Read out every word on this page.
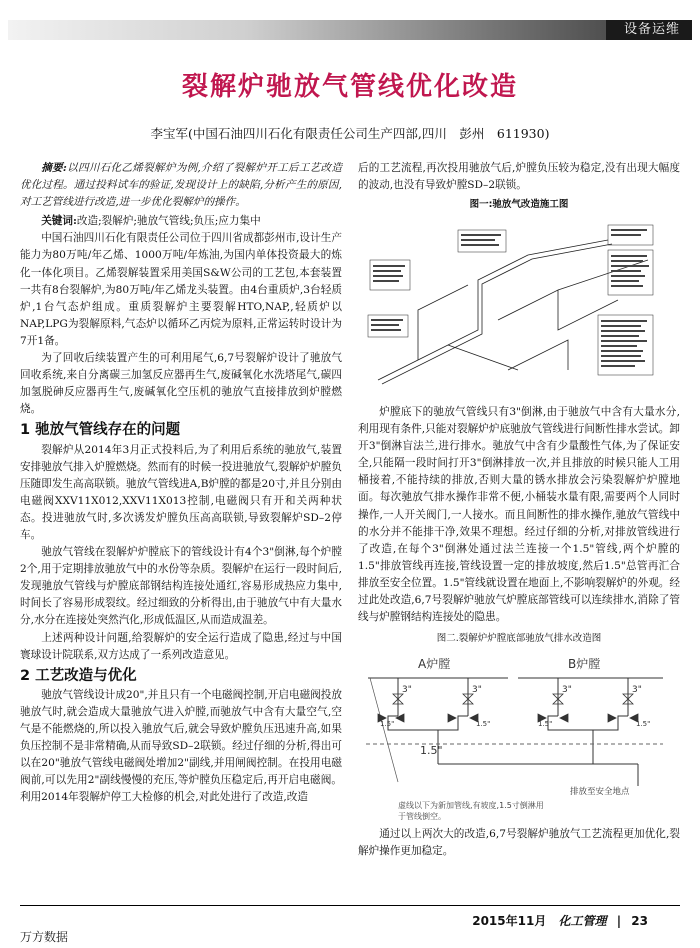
设备运维
裂解炉驰放气管线优化改造
李宝军(中国石油四川石化有限责任公司生产四部,四川　彭州　611930)

摘要:以四川石化乙烯裂解炉为例,介绍了裂解炉开工后工艺改造优化过程。通过投料试车的验证,发现设计上的缺陷,分析产生的原因,对工艺管线进行改造,进一步优化裂解炉的操作。

关键词:改造;裂解炉;驰放气管线;负压;应力集中

中国石油四川石化有限责任公司位于四川省成都彭州市,设计生产能力为80万吨/年乙烯、1000万吨/年炼油,为国内单体投资最大的炼化一体化项目。乙烯裂解装置采用美国S&W公司的工艺包,本套装置一共有8台裂解炉,为80万吨/年乙烯龙头装置。由4台重质炉,3台轻质炉,1台气态炉组成。重质裂解炉主要裂解HTO,NAP,,轻质炉以NAP,LPG为裂解原料,气态炉以循环乙丙烷为原料,正常运转时设计为7开1备。

为了回收后续装置产生的可利用尾气,6,7号裂解炉设计了驰放气回收系统,来自分离碳三加氢反应器再生气,废碱氧化水洗塔尾气,碳四加氢脱砷反应器再生气,废碱氧化空压机的驰放气直接排放到炉膛燃烧。

1 驰放气管线存在的问题

裂解炉从2014年3月正式投料后,为了利用后系统的驰放气,装置安排驰放气排入炉膛燃烧。然而有的时候一投进驰放气,裂解炉炉膛负压随即发生高高联锁。驰放气管线进A,B炉膛的都是20寸,并且分别由电磁阀XXV11X012,XXV11X013控制,电磁阀只有开和关两种状态。投进驰放气时,多次诱发炉膛负压高高联锁,导致裂解炉SD–2停车。

驰放气管线在裂解炉炉膛底下的管线设计有4个3"倒淋,每个炉膛2个,用于定期排放驰放气中的水份等杂质。裂解炉在运行一段时间后,发现驰放气管线与炉膛底部钢结构连接处通红,容易形成热应力集中,时间长了容易形成裂纹。经过细致的分析得出,由于驰放气中有大量水分,水分在连接处突然汽化,形成低温区,从而造成温差。

上述两种设计问题,给裂解炉的安全运行造成了隐患,经过与中国寰球设计院联系,双方达成了一系列改造意见。

2 工艺改造与优化

驰放气管线设计成20",并且只有一个电磁阀控制,开启电磁阀投放驰放气时,就会造成大量驰放气进入炉膛,而驰放气中含有大量空气,空气是不能燃烧的,所以投入驰放气后,就会导致炉膛负压迅速升高,如果负压控制不是非常精确,从而导致SD–2联锁。经过仔细的分析,得出可以在20"驰放气管线电磁阀处增加2"副线,并用闸阀控制。在投用电磁阀前,可以先用2"副线慢慢的充压,等炉膛负压稳定后,再开启电磁阀。利用2014年裂解炉停工大检修的机会,对此处进行了改造,改造

后的工艺流程,再次投用驰放气后,炉膛负压较为稳定,没有出现大幅度的波动,也没有导致炉膛SD–2联锁。

图一:驰放气改造施工图

炉膛底下的驰放气管线只有3"倒淋,由于驰放气中含有大量水分,利用现有条件,只能对裂解炉炉底驰放气管线进行间断性排水尝试。卸开3"倒淋盲法兰,进行排水。驰放气中含有少量酸性气体,为了保证安全,只能隔一段时间打开3"倒淋排放一次,并且排放的时候只能人工用桶接着,不能持续的排放,否则大量的锈水排放会污染裂解炉炉膛地面。每次驰放气排水操作非常不便,小桶装水量有限,需要两个人同时操作,一人开关阀门,一人接水。而且间断性的排水操作,驰放气管线中的水分并不能排干净,效果不理想。经过仔细的分析,对排放管线进行了改造,在每个3"倒淋处通过法兰连接一个1.5"管线,两个炉膛的1.5"排放管线再连接,管线设置一定的排放坡度,然后1.5"总管再汇合排放至安全位置。1.5"管线就设置在地面上,不影响裂解炉的外观。经过此处改造,6,7号裂解炉驰放气炉膛底部管线可以连续排水,消除了管线与炉膛钢结构连接处的隐患。

图二.裂解炉炉膛底部驰放气排水改造图
A炉膛	B炉膛
3"	3"	3"	3"
1.5"	1.5"	1.5"	1.5"
1.5"
排放至安全地点
虚线以下为新加管线,有坡度,1.5寸倒淋用
于管线倒空。

通过以上两次大的改造,6,7号裂解炉驰放气工艺流程更加优化,裂解炉操作更加稳定。

2015年11月 化工管理 | 23
万方数据
